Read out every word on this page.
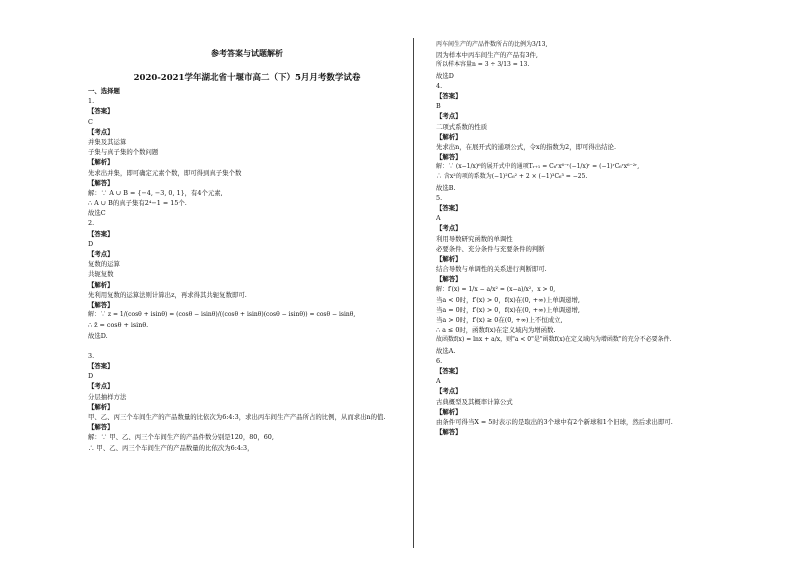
参考答案与试题解析
2020-2021学年湖北省十堰市高二（下）5月月考数学试卷
一、选择题
1.
【答案】
C
【考点】
并集及其运算
子集与真子集的个数问题
【解析】
先求出并集，即可确定元素个数，即可得到真子集个数
【解答】
解：∵ A ∪ B = {−4, −3, 0, 1}，有4个元素,
∴ A ∪ B的真子集有2⁴−1 = 15个.
故选C
2.
【答案】
D
【考点】
复数的运算
共轭复数
【解析】
先利用复数的运算法则计算出z，再求得其共轭复数即可.
【解答】
解：∵ z = 1/(cosθ + isinθ) = (cosθ − isinθ)/((cosθ + isinθ)(cosθ − isinθ)) = cosθ − isinθ,
∴ z̄ = cosθ + isinθ.
故选D.
3.
【答案】
D
【考点】
分层抽样方法
【解析】
甲、乙、丙三个车间生产的产品数量的比依次为6:4:3，求出丙车间生产产品所占的比例，从而求出n的值.
【解答】
解：∵ 甲、乙、丙三个车间生产的产品件数分别是120，80，60,
∴ 甲、乙、丙三个车间生产的产品数量的比依次为6:4:3，
丙车间生产的产品件数所占的比例为3/13,
因为样本中丙车间生产的产品有3件,
所以样本容量n = 3 ÷ 3/13 = 13.
故选D
4.
【答案】
B
【考点】
二项式系数的性质
【解析】
先求出n，在展开式的通项公式，令x的指数为2，即可得出结论.
【解答】
解：∵ (x−1/x)⁶的展开式中的通项Tᵣ₊₁ = C₆ʳx⁶⁻ʳ(−1/x)ʳ = (−1)ʳC₆ʳx⁶⁻²ʳ,
∴ 含x²的项的系数为(−1)²C₆² + 2 × (−1)³C₆³ = −25.
故选B.
5.
【答案】
A
【考点】
利用导数研究函数的单调性
必要条件、充分条件与充要条件的判断
【解析】
结合导数与单调性的关系进行判断即可.
【解答】
解：f′(x) = 1/x − a/x² = (x−a)/x²，x > 0,
当a < 0时，f′(x) > 0，f(x)在(0, +∞)上单调递增,
当a = 0时，f′(x) > 0，f(x)在(0, +∞)上单调递增,
当a > 0时，f′(x) ≥ 0在(0, +∞)上不恒成立,
∴ a ≤ 0时，函数f(x)在定义域内为增函数.
故函数f(x) = lnx + a/x，则"a < 0"是"函数f(x)在定义域内为增函数"的充分不必要条件.
故选A.
6.
【答案】
A
【考点】
古典概型及其概率计算公式
【解析】
由条件可得当X = 5时表示的是取出的3个球中有2个新球和1个旧球，然后求出即可.
【解答】
